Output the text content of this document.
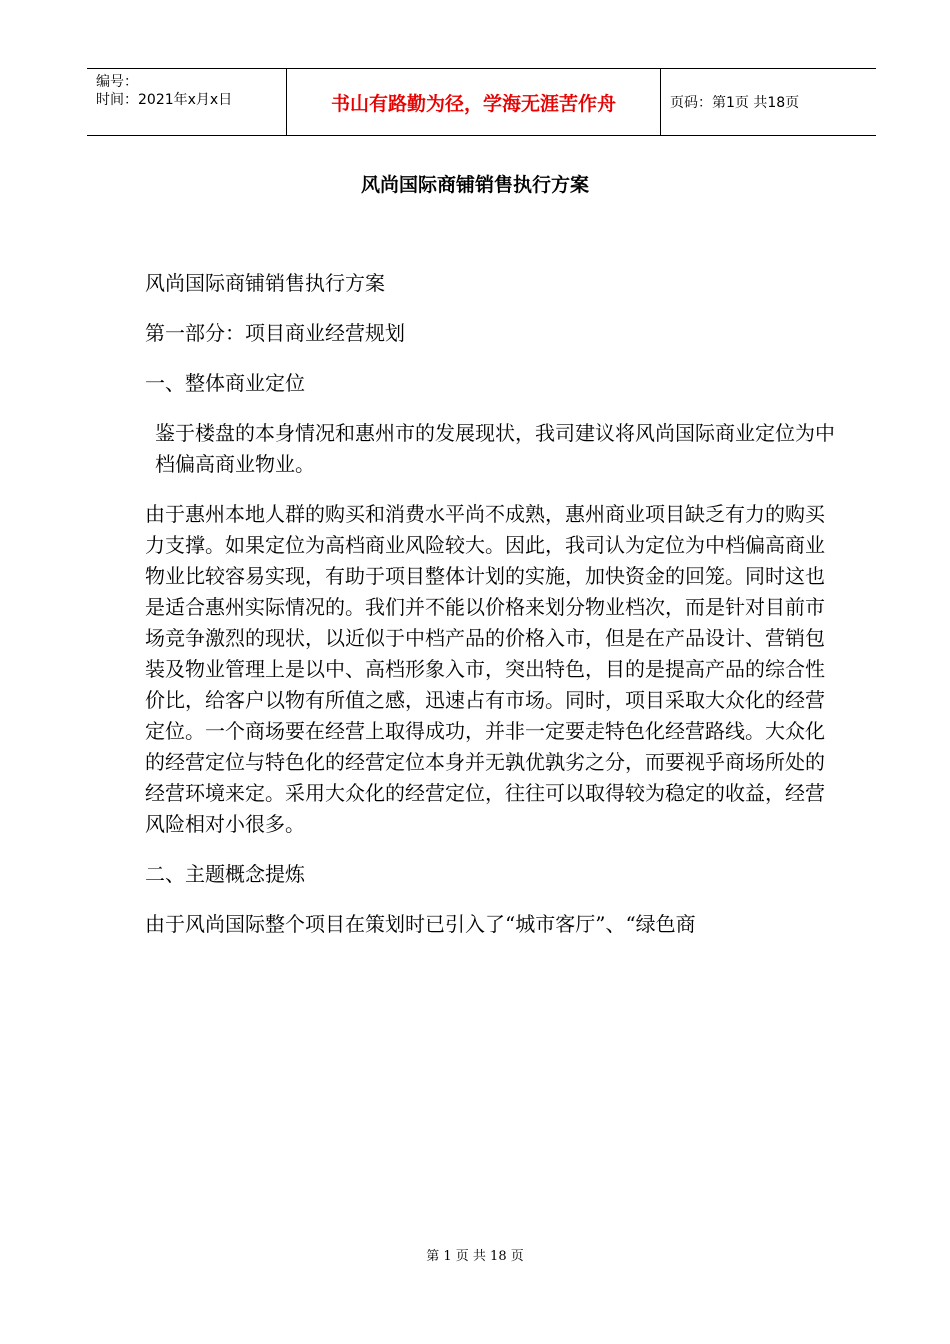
编号：
时间：2021年x月x日	书山有路勤为径，学海无涯苦作舟	页码：第1页 共18页
风尚国际商铺销售执行方案

风尚国际商铺销售执行方案

第一部分：项目商业经营规划

一、整体商业定位

鉴于楼盘的本身情况和惠州市的发展现状，我司建议将风尚国际商业定位为中档偏高商业物业。

由于惠州本地人群的购买和消费水平尚不成熟，惠州商业项目缺乏有力的购买力支撑。如果定位为高档商业风险较大。因此，我司认为定位为中档偏高商业物业比较容易实现，有助于项目整体计划的实施，加快资金的回笼。同时这也是适合惠州实际情况的。我们并不能以价格来划分物业档次，而是针对目前市场竞争激烈的现状，以近似于中档产品的价格入市，但是在产品设计、营销包装及物业管理上是以中、高档形象入市，突出特色，目的是提高产品的综合性价比，给客户以物有所值之感，迅速占有市场。同时，项目采取大众化的经营定位。一个商场要在经营上取得成功，并非一定要走特色化经营路线。大众化的经营定位与特色化的经营定位本身并无孰优孰劣之分，而要视乎商场所处的经营环境来定。采用大众化的经营定位，往往可以取得较为稳定的收益，经营风险相对小很多。

二、主题概念提炼

由于风尚国际整个项目在策划时已引入了“城市客厅”、“绿色商

第 1 页 共 18 页
